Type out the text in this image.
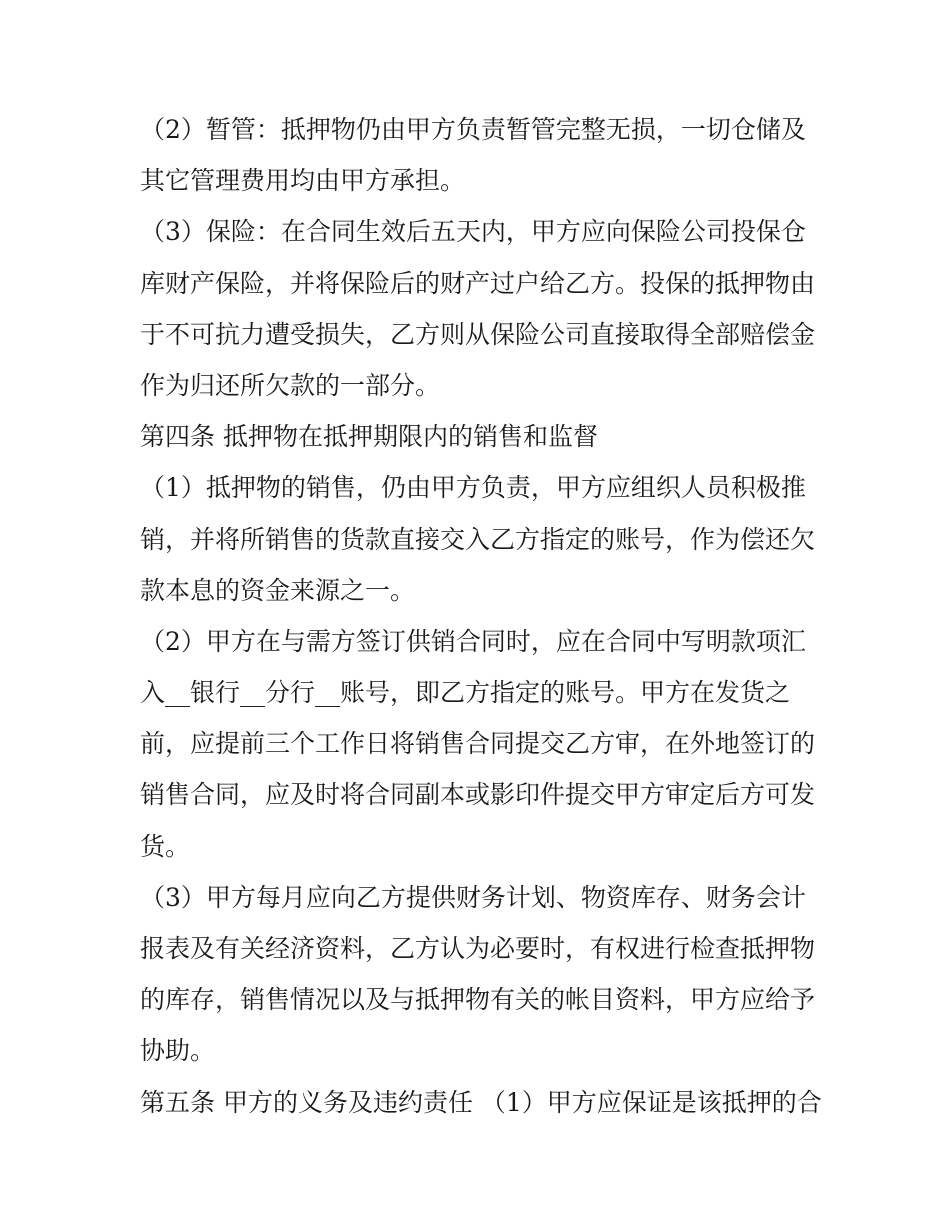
（2）暂管：抵押物仍由甲方负责暂管完整无损，一切仓储及
其它管理费用均由甲方承担。
（3）保险：在合同生效后五天内，甲方应向保险公司投保仓
库财产保险，并将保险后的财产过户给乙方。投保的抵押物由
于不可抗力遭受损失，乙方则从保险公司直接取得全部赔偿金
作为归还所欠款的一部分。
第四条 抵押物在抵押期限内的销售和监督
（1）抵押物的销售，仍由甲方负责，甲方应组织人员积极推
销，并将所销售的货款直接交入乙方指定的账号，作为偿还欠
款本息的资金来源之一。
（2）甲方在与需方签订供销合同时，应在合同中写明款项汇
入__银行__分行__账号，即乙方指定的账号。甲方在发货之
前，应提前三个工作日将销售合同提交乙方审，在外地签订的
销售合同，应及时将合同副本或影印件提交甲方审定后方可发
货。
（3）甲方每月应向乙方提供财务计划、物资库存、财务会计
报表及有关经济资料，乙方认为必要时，有权进行检查抵押物
的库存，销售情况以及与抵押物有关的帐目资料，甲方应给予
协助。
第五条 甲方的义务及违约责任 （1）甲方应保证是该抵押的合
